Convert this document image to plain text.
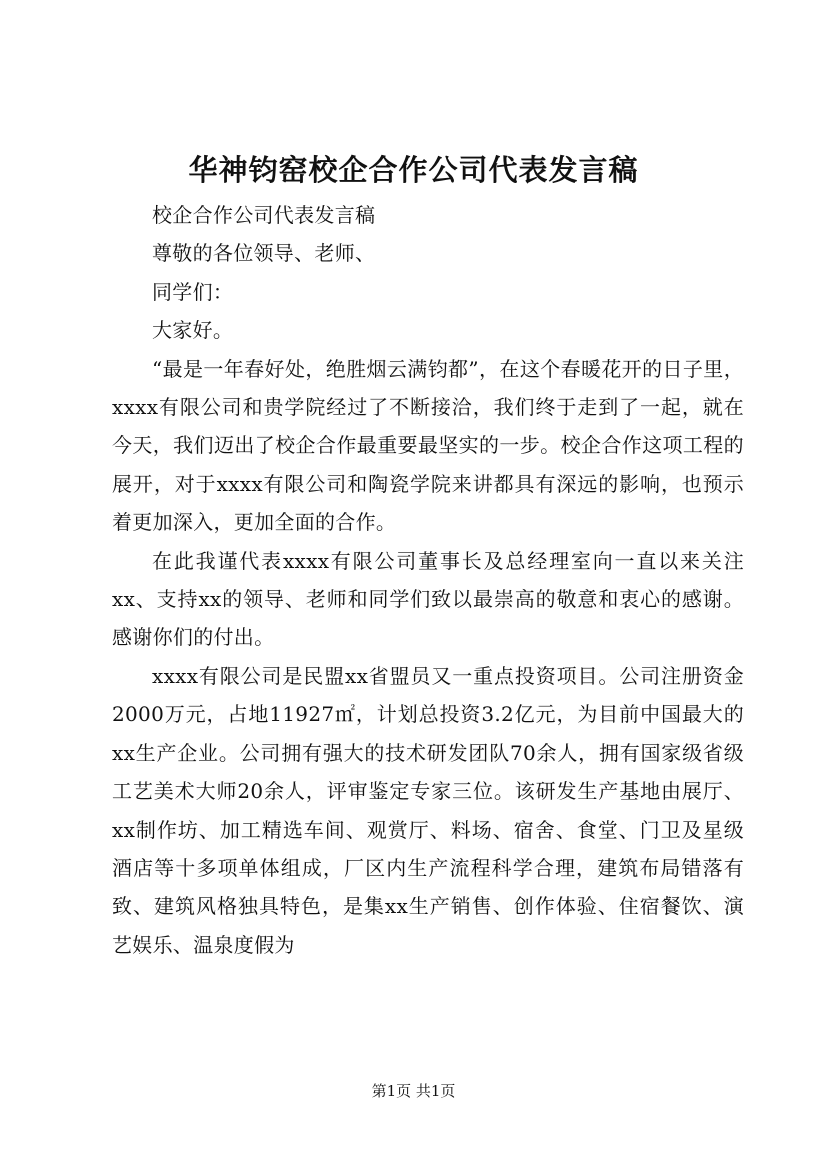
华神钧窑校企合作公司代表发言稿

校企合作公司代表发言稿

尊敬的各位领导、老师、

同学们：

大家好。

“最是一年春好处，绝胜烟云满钧都”，在这个春暖花开的日子里，xxxx有限公司和贵学院经过了不断接洽，我们终于走到了一起，就在今天，我们迈出了校企合作最重要最坚实的一步。校企合作这项工程的展开，对于xxxx有限公司和陶瓷学院来讲都具有深远的影响，也预示着更加深入，更加全面的合作。

在此我谨代表xxxx有限公司董事长及总经理室向一直以来关注xx、支持xx的领导、老师和同学们致以最崇高的敬意和衷心的感谢。感谢你们的付出。

xxxx有限公司是民盟xx省盟员又一重点投资项目。公司注册资金2000万元，占地11927㎡，计划总投资3.2亿元，为目前中国最大的xx生产企业。公司拥有强大的技术研发团队70余人，拥有国家级省级工艺美术大师20余人，评审鉴定专家三位。该研发生产基地由展厅、xx制作坊、加工精选车间、观赏厅、料场、宿舍、食堂、门卫及星级酒店等十多项单体组成，厂区内生产流程科学合理，建筑布局错落有致、建筑风格独具特色，是集xx生产销售、创作体验、住宿餐饮、演艺娱乐、温泉度假为

第1页 共1页
